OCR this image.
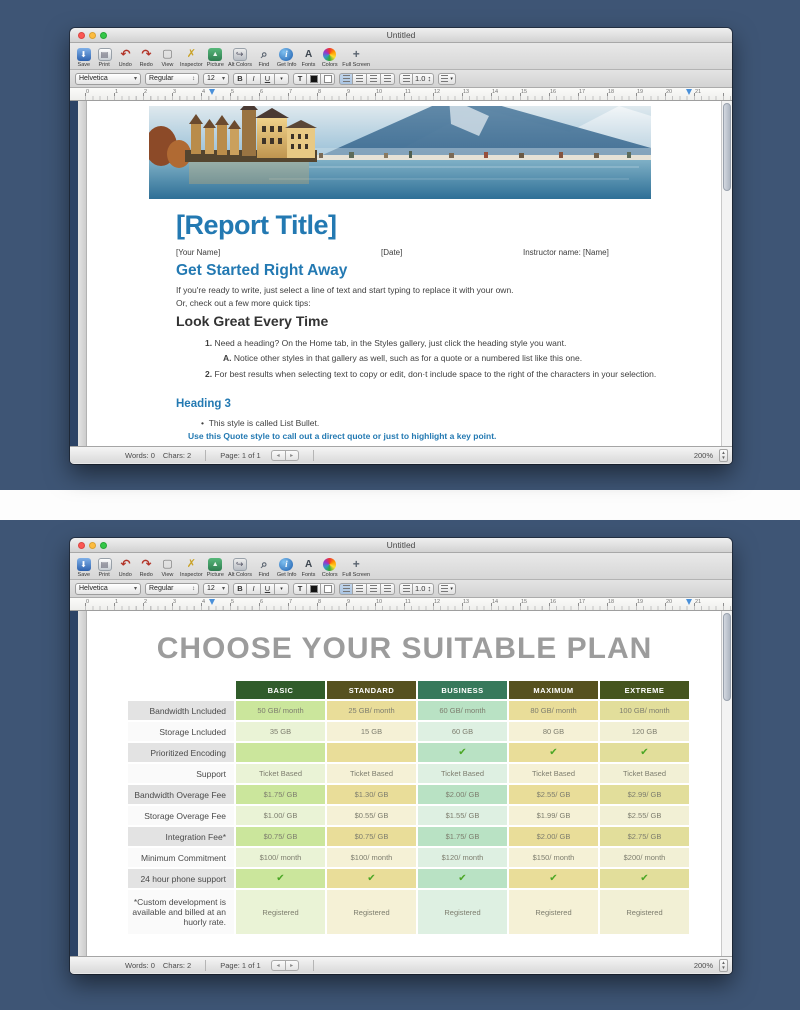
Untitled
⬇
Save
▤
Print
↶
Undo
↷
Redo
▢
View
✗
Inspector
▲
Picture
↪
Alt Colors
⌕
Find
i
Get Info
A
Fonts Colors
+
Full Screen
Helvetica	▾ Regular	↕ 12 ▾	B	I	U	▾	T	1.0
↕
	▾
0	1	2	3	4	5	6	7	8	9	10	11	12	13	14	15	16	17	18	19	20	21
[Report Title]
[Your Name]	[Date]	Instructor name: [Name]
Get Started Right Away
If you're ready to write, just select a line of text and start typing to replace it with your own.
Or, check out a few more quick tips:
Look Great Every Time
1. Need a heading? On the Home tab, in the Styles gallery, just click the heading style you want.
A. Notice other styles in that gallery as well, such as for a quote or a numbered list like this one.
2. For best results when selecting text to copy or edit, don·t include space to the right of the characters in your selection.
Heading 3
• This style is called List Bullet.
Use this Quote style to call out a direct quote or just to highlight a key point.
Words: 0	Chars: 2	Page: 1 of 1	◂	▸	200%	▲
▼
Untitled
⬇
Save
▤
Print
↶
Undo
↷
Redo
▢
View
✗
Inspector
▲
Picture
↪
Alt Colors
⌕
Find
i
Get Info
A
Fonts Colors
+
Full Screen
Helvetica	▾ Regular	↕ 12 ▾	B	I	U	▾	T	1.0
↕
	▾
0	1	2	3	4	5	6	7	8	9	10	11	12	13	14	15	16	17	18	19	20	21
CHOOSE YOUR SUITABLE PLAN
	BASIC	STANDARD	BUSINESS	MAXIMUM	EXTREME
Bandwidth Lncluded	50 GB/ month	25 GB/ month	60 GB/ month	80 GB/ month	100 GB/ month
Storage Lncluded	35 GB	15 GB	60 GB	80 GB	120 GB
Prioritized Encoding			✔	✔	✔
Support	Ticket Based	Ticket Based	Ticket Based	Ticket Based	Ticket Based
Bandwidth Overage Fee	$1.75/ GB	$1.30/ GB	$2.00/ GB	$2.55/ GB	$2.99/ GB
Storage Overage Fee	$1.00/ GB	$0.55/ GB	$1.55/ GB	$1.99/ GB	$2.55/ GB
Integration Fee*	$0.75/ GB	$0.75/ GB	$1.75/ GB	$2.00/ GB	$2.75/ GB
Minimum Commitment	$100/ month	$100/ month	$120/ month	$150/ month	$200/ month
24 hour phone support	✔	✔	✔	✔	✔
*Custom development is available and billed at an huorly rate.	Registered	Registered	Registered	Registered	Registered
Words: 0	Chars: 2	Page: 1 of 1	◂	▸	200%	▲
▼
